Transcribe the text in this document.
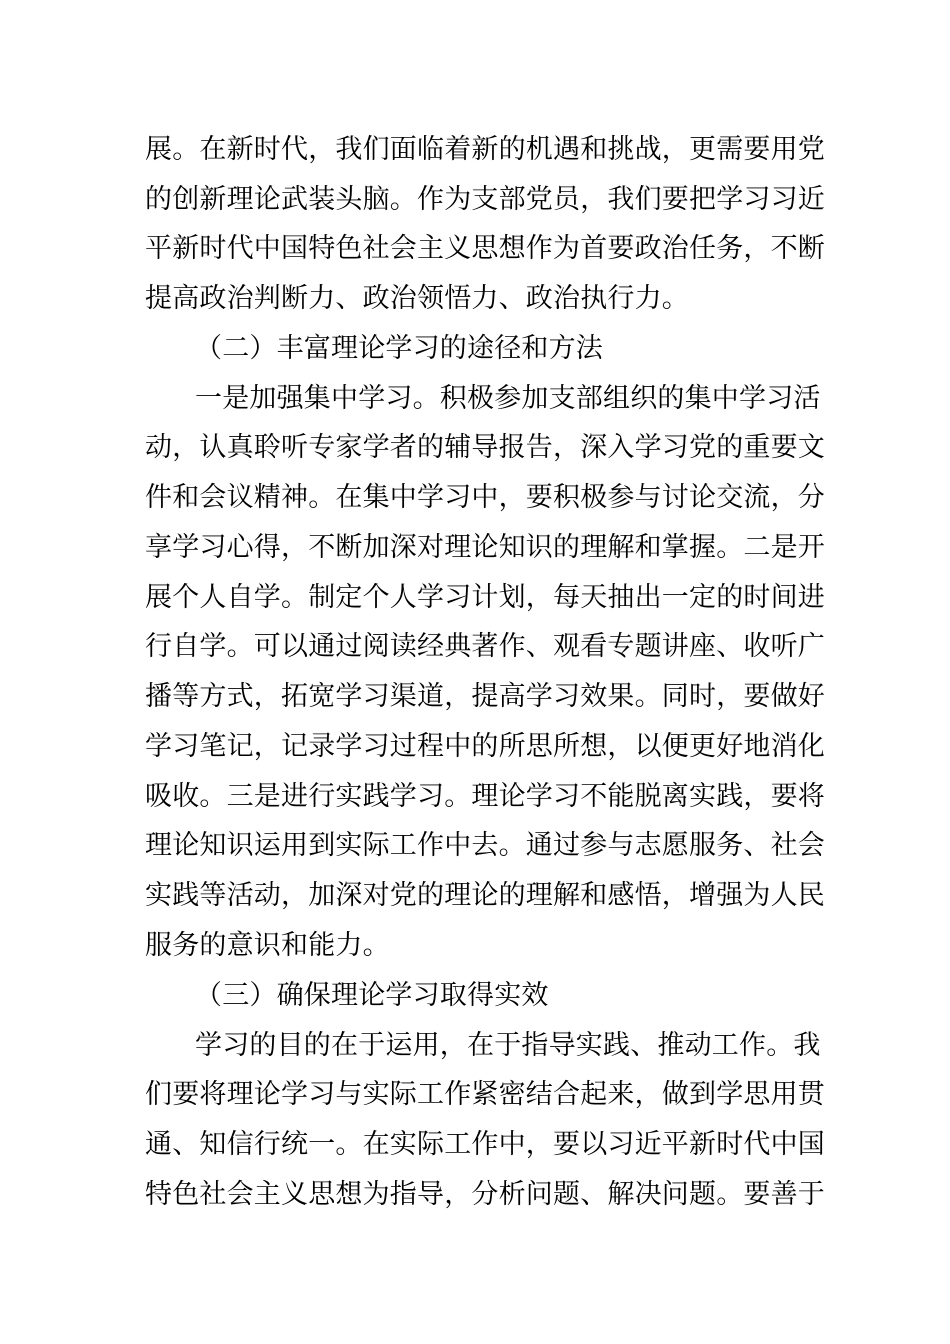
展。在新时代，我们面临着新的机遇和挑战，更需要用党
的创新理论武装头脑。作为支部党员，我们要把学习习近
平新时代中国特色社会主义思想作为首要政治任务，不断
提高政治判断力、政治领悟力、政治执行力。
（二）丰富理论学习的途径和方法
一是加强集中学习。积极参加支部组织的集中学习活
动，认真聆听专家学者的辅导报告，深入学习党的重要文
件和会议精神。在集中学习中，要积极参与讨论交流，分
享学习心得，不断加深对理论知识的理解和掌握。二是开
展个人自学。制定个人学习计划，每天抽出一定的时间进
行自学。可以通过阅读经典著作、观看专题讲座、收听广
播等方式，拓宽学习渠道，提高学习效果。同时，要做好
学习笔记，记录学习过程中的所思所想，以便更好地消化
吸收。三是进行实践学习。理论学习不能脱离实践，要将
理论知识运用到实际工作中去。通过参与志愿服务、社会
实践等活动，加深对党的理论的理解和感悟，增强为人民
服务的意识和能力。
（三）确保理论学习取得实效
学习的目的在于运用，在于指导实践、推动工作。我
们要将理论学习与实际工作紧密结合起来，做到学思用贯
通、知信行统一。在实际工作中，要以习近平新时代中国
特色社会主义思想为指导，分析问题、解决问题。要善于
